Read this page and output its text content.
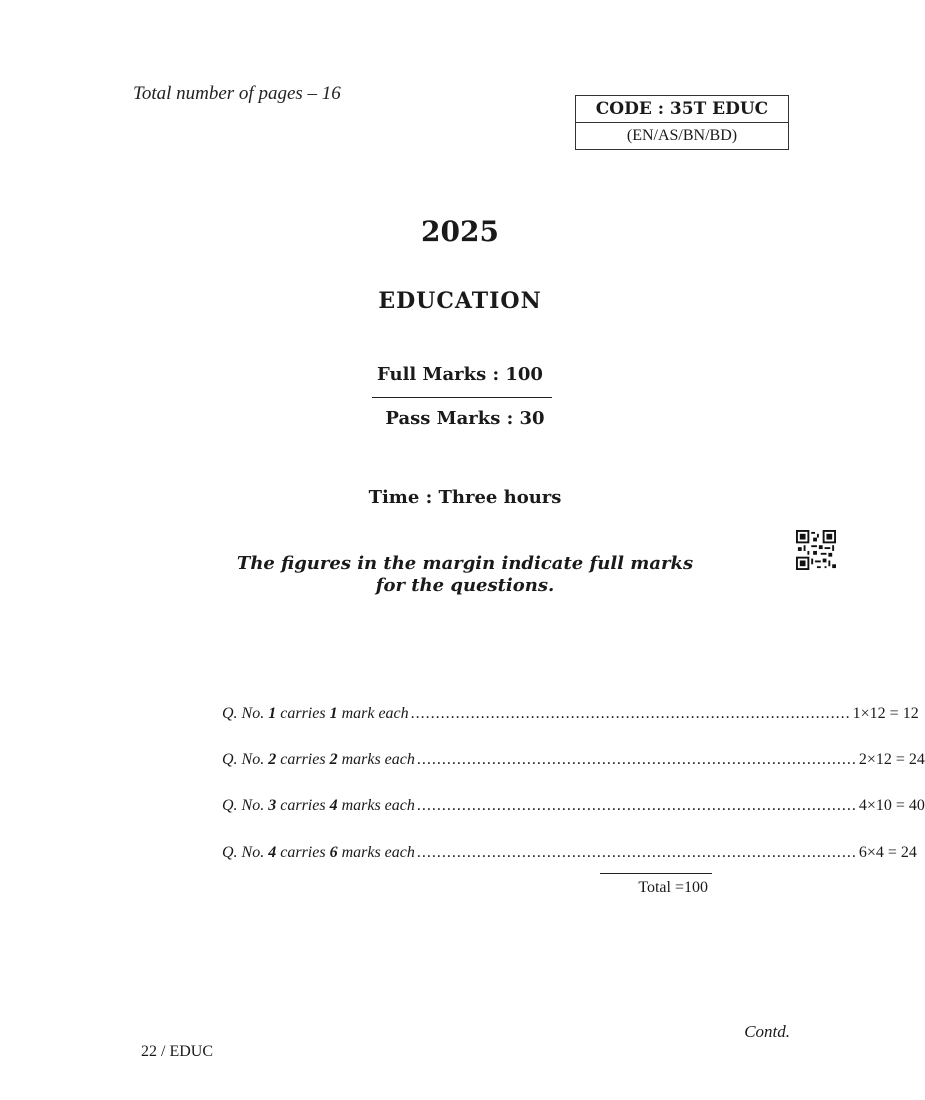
Total number of pages – 16
CODE : 35T EDUC
(EN/AS/BN/BD)
2025
EDUCATION
Full Marks : 100
Pass Marks : 30
Time : Three hours
The figures in the margin indicate full marks
for the questions.
Q. No. 1 carries 1 mark each ........................................................................................ 1×12 = 12
Q. No. 2 carries 2 marks each ........................................................................................ 2×12 = 24
Q. No. 3 carries 4 marks each ........................................................................................ 4×10 = 40
Q. No. 4 carries 6 marks each ........................................................................................ 6×4 = 24
Total =100
Contd.
22 / EDUC
